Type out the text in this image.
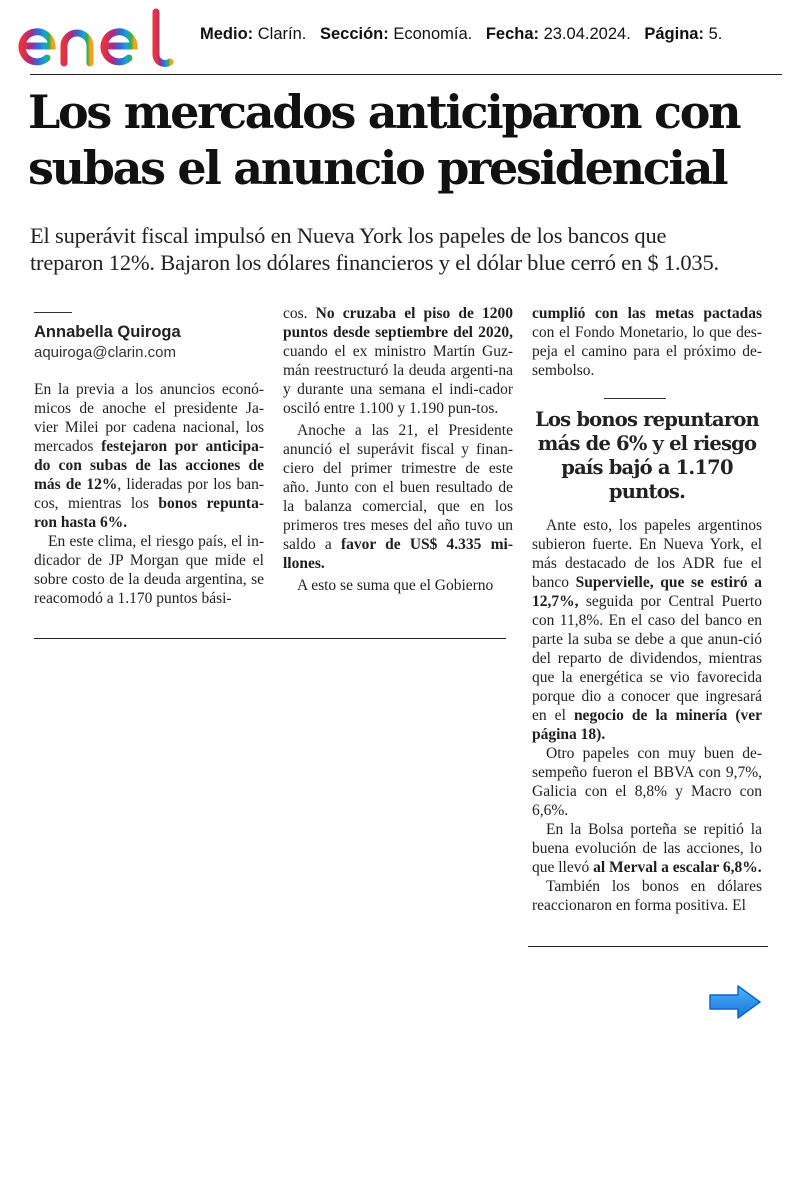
Medio: Clarín. Sección: Economía. Fecha: 23.04.2024. Página: 5.
Los mercados anticiparon con
subas el anuncio presidencial

El superávit fiscal impulsó en Nueva York los papeles de los bancos que
treparon 12%. Bajaron los dólares financieros y el dólar blue cerró en $ 1.035.

Annabella Quiroga
aquiroga@clarin.com

En la previa a los anuncios econó-micos de anoche el presidente Ja-vier Milei por cadena nacional, los mercados festejaron por anticipa-do con subas de las acciones de más de 12%, lideradas por los ban-cos, mientras los bonos repunta-ron hasta 6%.

En este clima, el riesgo país, el in-dicador de JP Morgan que mide el sobre costo de la deuda argentina, se reacomodó a 1.170 puntos bási-

cos. No cruzaba el piso de 1200 puntos desde septiembre del 2020, cuando el ex ministro Martín Guz-mán reestructuró la deuda argenti-na y durante una semana el indi-cador osciló entre 1.100 y 1.190 pun-tos.

Anoche a las 21, el Presidente anunció el superávit fiscal y finan-ciero del primer trimestre de este año. Junto con el buen resultado de la balanza comercial, que en los primeros tres meses del año tuvo un saldo a favor de US$ 4.335 mi-llones.

A esto se suma que el Gobierno

cumplió con las metas pactadas con el Fondo Monetario, lo que des-peja el camino para el próximo de-sembolso.

Los bonos repuntaron más de 6% y el riesgo país bajó a 1.170 puntos.

Ante esto, los papeles argentinos subieron fuerte. En Nueva York, el más destacado de los ADR fue el banco Supervielle, que se estiró a 12,7%, seguida por Central Puerto con 11,8%. En el caso del banco en parte la suba se debe a que anun-ció del reparto de dividendos, mientras que la energética se vio favorecida porque dio a conocer que ingresará en el negocio de la minería (ver página 18).

Otro papeles con muy buen de-sempeño fueron el BBVA con 9,7%, Galicia con el 8,8% y Macro con 6,6%.

En la Bolsa porteña se repitió la buena evolución de las acciones, lo que llevó al Merval a escalar 6,8%.

También los bonos en dólares reaccionaron en forma positiva. El
